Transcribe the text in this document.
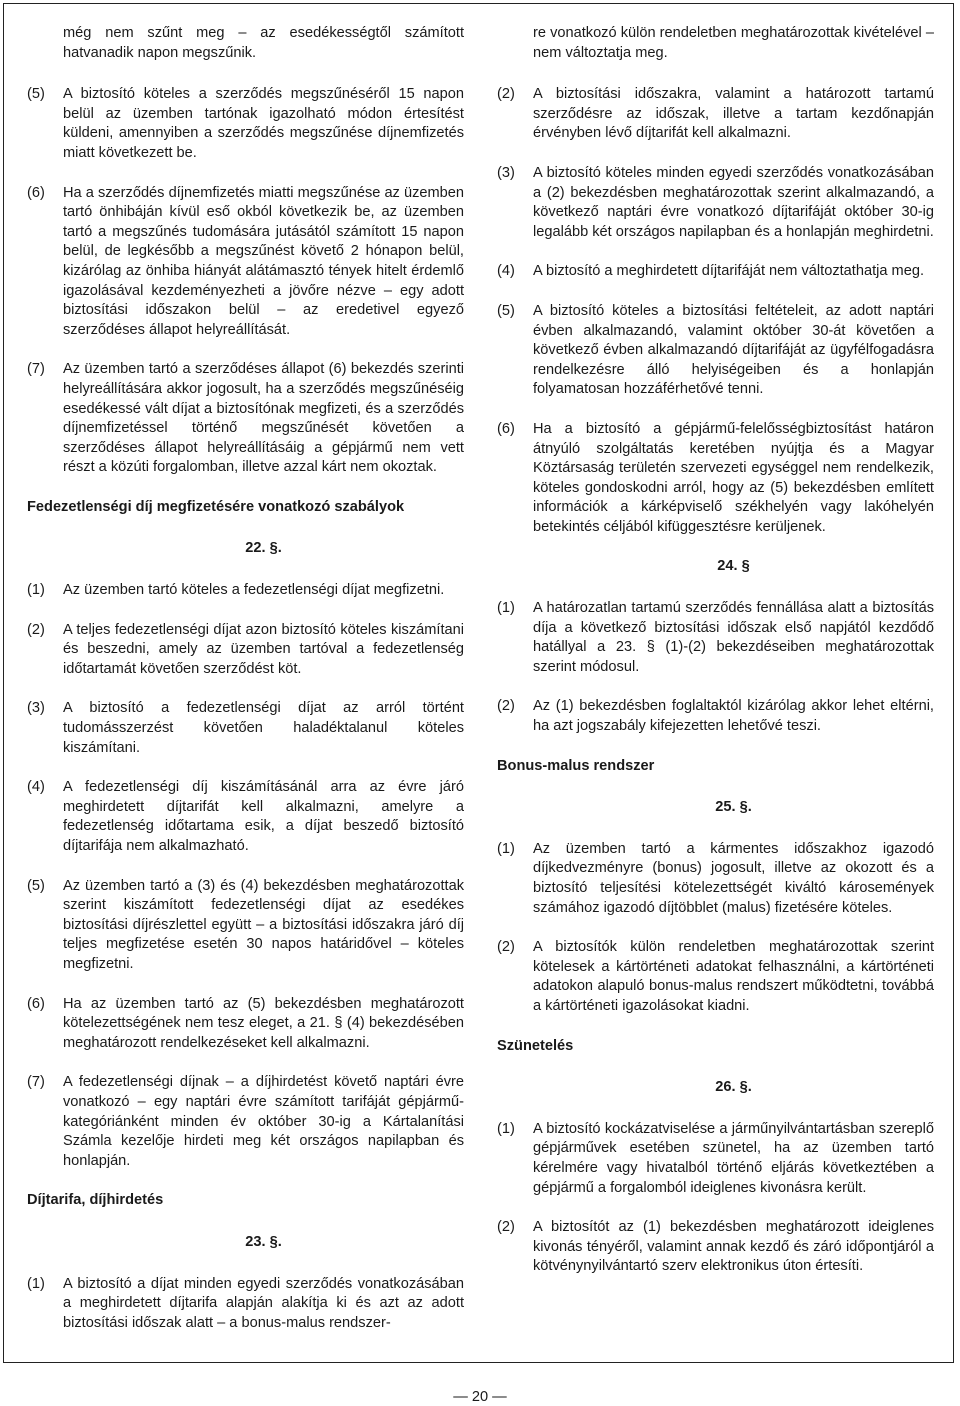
még nem szűnt meg – az esedékességtől számított hatvanadik napon megszűnik.

(5)	A biztosító köteles a szerződés megszűnéséről 15 napon belül az üzemben tartónak igazolható módon értesítést küldeni, amennyiben a szerződés megszűnése díjnemfizetés miatt következett be.

(6)	Ha a szerződés díjnemfizetés miatti megszűnése az üzemben tartó önhibáján kívül eső okból következik be, az üzemben tartó a megszűnés tudomására jutásától számított 15 napon belül, de legkésőbb a megszűnést követő 2 hónapon belül, kizárólag az önhiba hiányát alátámasztó tények hitelt érdemlő igazolásával kezdeményezheti a jövőre nézve – egy adott biztosítási időszakon belül – az eredetivel egyező szerződéses állapot helyreállítását.

(7)	Az üzemben tartó a szerződéses állapot (6) bekezdés szerinti helyreállítására akkor jogosult, ha a szerződés megszűnéséig esedékessé vált díjat a biztosítónak megfizeti, és a szerződés díjnemfizetéssel történő megszűnését követően a szerződéses állapot helyreállításáig a gépjármű nem vett részt a közúti forgalomban, illetve azzal kárt nem okoztak.

Fedezetlenségi díj megfizetésére vonatkozó szabályok
22. §.
(1)	Az üzemben tartó köteles a fedezetlenségi díjat megfizetni.

(2)	A teljes fedezetlenségi díjat azon biztosító köteles kiszámítani és beszedni, amely az üzemben tartóval a fedezetlenség időtartamát követően szerződést köt.

(3)	A biztosító a fedezetlenségi díjat az arról történt tudomásszerzést követően haladéktalanul köteles kiszámítani.

(4)	A fedezetlenségi díj kiszámításánál arra az évre járó meghirdetett díjtarifát kell alkalmazni, amelyre a fedezetlenség időtartama esik, a díjat beszedő biztosító díjtarifája nem alkalmazható.

(5)	Az üzemben tartó a (3) és (4) bekezdésben meghatározottak szerint kiszámított fedezetlenségi díjat az esedékes biztosítási díjrészlettel együtt – a biztosítási időszakra járó díj teljes megfizetése esetén 30 napos határidővel – köteles megfizetni.

(6)	Ha az üzemben tartó az (5) bekezdésben meghatározott kötelezettségének nem tesz eleget, a 21. § (4) bekezdésében meghatározott rendelkezéseket kell alkalmazni.

(7)	A fedezetlenségi díjnak – a díjhirdetést követő naptári évre vonatkozó – egy naptári évre számított tarifáját gépjármű-kategóriánként minden év október 30-ig a Kártalanítási Számla kezelője hirdeti meg két országos napilapban és honlapján.

Díjtarifa, díjhirdetés
23. §.
(1)	A biztosító a díjat minden egyedi szerződés vonatkozásában a meghirdetett díjtarifa alapján alakítja ki és azt az adott biztosítási időszak alatt – a bonus-malus rendszer-

re vonatkozó külön rendeletben meghatározottak kivételével – nem változtatja meg.

(2)	A biztosítási időszakra, valamint a határozott tartamú szerződésre az időszak, illetve a tartam kezdőnapján érvényben lévő díjtarifát kell alkalmazni.

(3)	A biztosító köteles minden egyedi szerződés vonatkozásában a (2) bekezdésben meghatározottak szerint alkalmazandó, a következő naptári évre vonatkozó díjtarifáját október 30-ig legalább két országos napilapban és a honlapján meghirdetni.

(4)	A biztosító a meghirdetett díjtarifáját nem változtathatja meg.

(5)	A biztosító köteles a biztosítási feltételeit, az adott naptári évben alkalmazandó, valamint október 30-át követően a következő évben alkalmazandó díjtarifáját az ügyfélfogadásra rendelkezésre álló helyiségeiben és a honlapján folyamatosan hozzáférhetővé tenni.

(6)	Ha a biztosító a gépjármű-felelősségbiztosítást határon átnyúló szolgáltatás keretében nyújtja és a Magyar Köztársaság területén szervezeti egységgel nem rendelkezik, köteles gondoskodni arról, hogy az (5) bekezdésben említett információk a kárképviselő székhelyén vagy lakóhelyén betekintés céljából kifüggesztésre kerüljenek.

24. §
(1)	A határozatlan tartamú szerződés fennállása alatt a biztosítás díja a következő biztosítási időszak első napjától kezdődő hatállyal a 23. § (1)-(2) bekezdéseiben meghatározottak szerint módosul.

(2)	Az (1) bekezdésben foglaltaktól kizárólag akkor lehet eltérni, ha azt jogszabály kifejezetten lehetővé teszi.

Bonus-malus rendszer
25. §.
(1)	Az üzemben tartó a kármentes időszakhoz igazodó díjkedvezményre (bonus) jogosult, illetve az okozott és a biztosító teljesítési kötelezettségét kiváltó károsemények számához igazodó díjtöbblet (malus) fizetésére köteles.

(2)	A biztosítók külön rendeletben meghatározottak szerint kötelesek a kártörténeti adatokat felhasználni, a kártörténeti adatokon alapuló bonus-malus rendszert működtetni, továbbá a kártörténeti igazolásokat kiadni.

Szünetelés
26. §.
(1)	A biztosító kockázatviselése a járműnyilvántartásban szereplő gépjárművek esetében szünetel, ha az üzemben tartó kérelmére vagy hivatalból történő eljárás következtében a gépjármű a forgalomból ideiglenes kivonásra került.

(2)	A biztosítót az (1) bekezdésben meghatározott ideiglenes kivonás tényéről, valamint annak kezdő és záró időpontjáról a kötvénynyilvántartó szerv elektronikus úton értesíti.

— 20 —
